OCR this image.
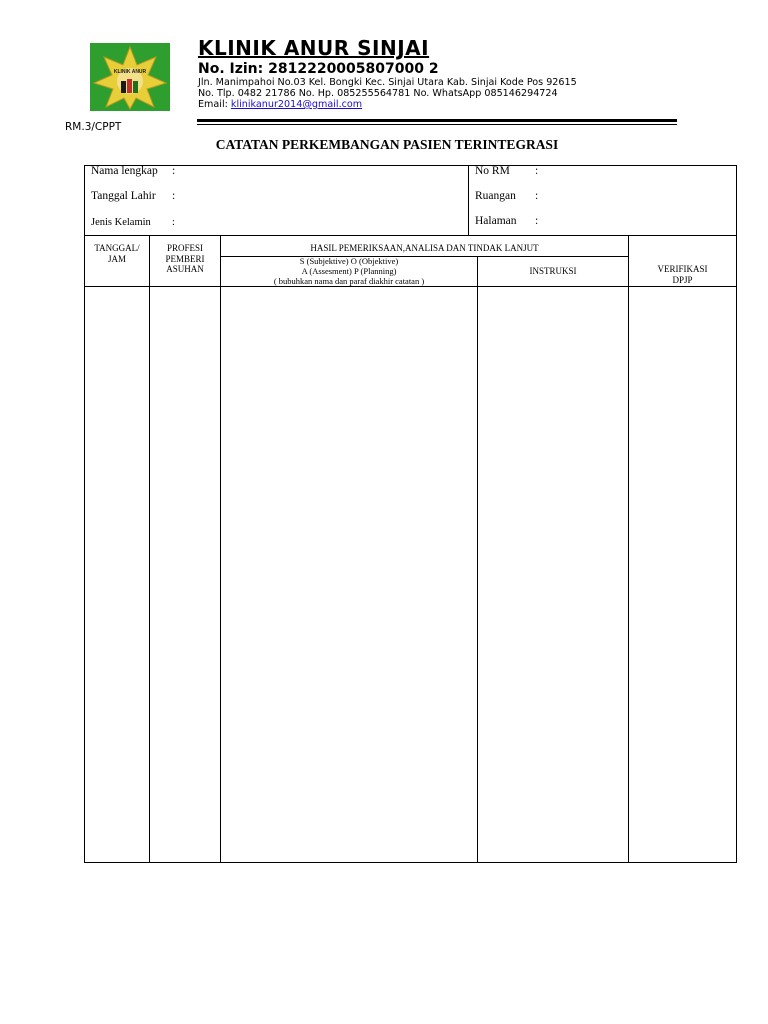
KLINIK ANUR
KLINIK ANUR SINJAI
No. Izin: 2812220005807000 2
Jln. Manimpahoi No.03 Kel. Bongki Kec. Sinjai Utara Kab. Sinjai Kode Pos 92615
No. Tlp. 0482 21786 No. Hp. 085255564781 No. WhatsApp 085146294724
Email: klinikanur2014@gmail.com
RM.3/CPPT
CATATAN PERKEMBANGAN PASIEN TERINTEGRASI
Nama lengkap :
Tanggal Lahir :
Jenis Kelamin :
No RM :
Ruangan :
Halaman :
TANGGAL/
JAM
PROFESI
PEMBERI
ASUHAN
HASIL PEMERIKSAAN,ANALISA DAN TINDAK LANJUT
S (Subjektive) O (Objektive)
A (Assesment) P (Planning)
( bubuhkan nama dan paraf diakhir catatan )
INSTRUKSI	VERIFIKASI
DPJP
